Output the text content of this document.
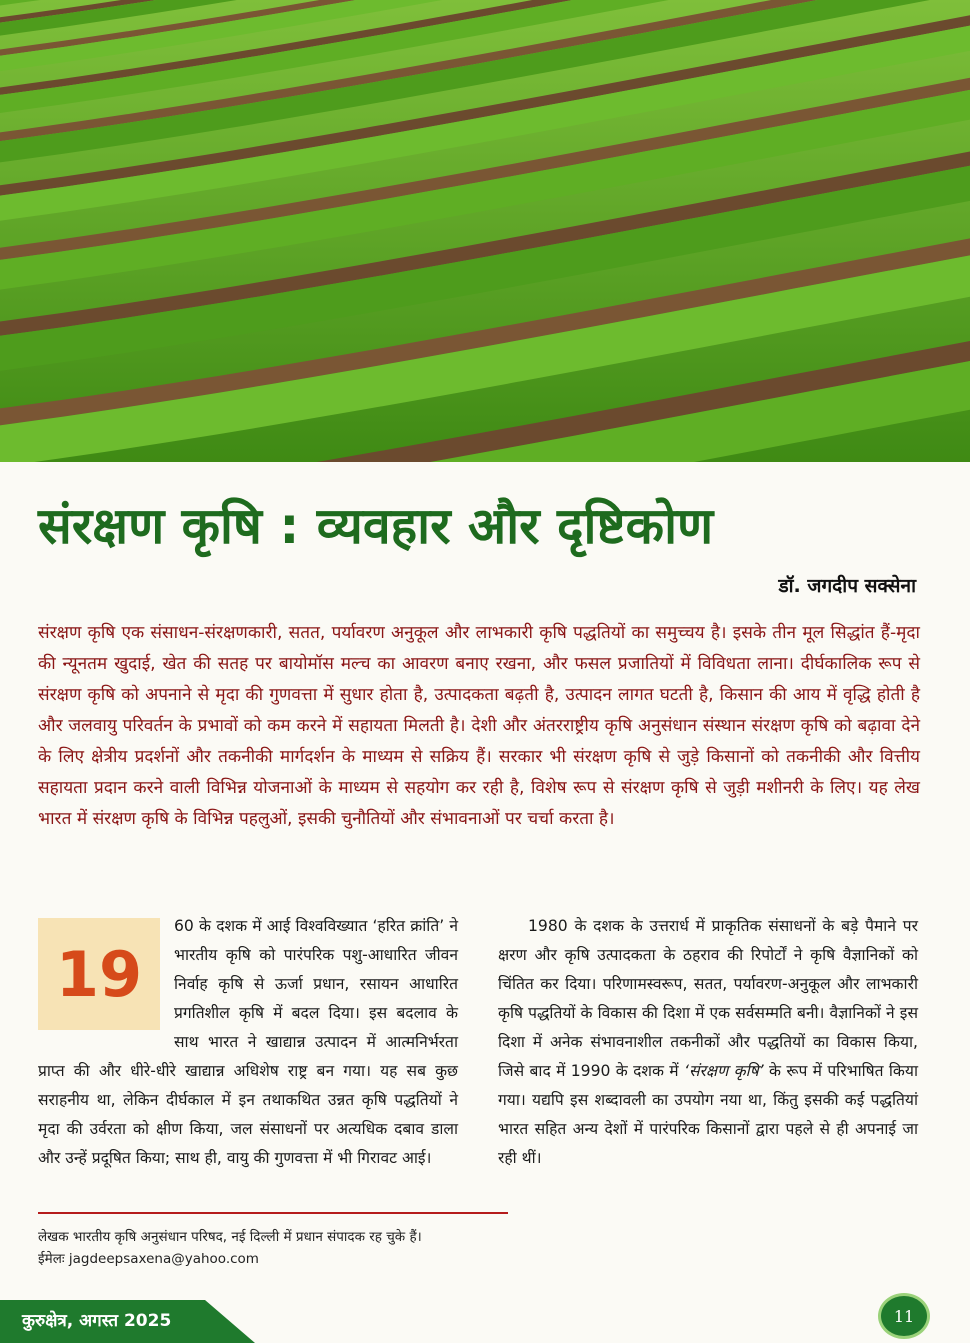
संरक्षण कृषि : व्यवहार और दृष्टिकोण
डॉ. जगदीप सक्सेना
संरक्षण कृषि एक संसाधन-संरक्षणकारी, सतत, पर्यावरण अनुकूल और लाभकारी कृषि पद्धतियों का समुच्चय है। इसके तीन मूल सिद्धांत हैं-मृदा की न्यूनतम खुदाई, खेत की सतह पर बायोमॉस मल्च का आवरण बनाए रखना, और फसल प्रजातियों में विविधता लाना। दीर्घकालिक रूप से संरक्षण कृषि को अपनाने से मृदा की गुणवत्ता में सुधार होता है, उत्पादकता बढ़ती है, उत्पादन लागत घटती है, किसान की आय में वृद्धि होती है और जलवायु परिवर्तन के प्रभावों को कम करने में सहायता मिलती है। देशी और अंतरराष्ट्रीय कृषि अनुसंधान संस्थान संरक्षण कृषि को बढ़ावा देने के लिए क्षेत्रीय प्रदर्शनों और तकनीकी मार्गदर्शन के माध्यम से सक्रिय हैं। सरकार भी संरक्षण कृषि से जुड़े किसानों को तकनीकी और वित्तीय सहायता प्रदान करने वाली विभिन्न योजनाओं के माध्यम से सहयोग कर रही है, विशेष रूप से संरक्षण कृषि से जुड़ी मशीनरी के लिए। यह लेख भारत में संरक्षण कृषि के विभिन्न पहलुओं, इसकी चुनौतियों और संभावनाओं पर चर्चा करता है।
19
60 के दशक में आई विश्वविख्यात ‘हरित क्रांति’ ने भारतीय कृषि को पारंपरिक पशु-आधारित जीवन निर्वाह कृषि से ऊर्जा प्रधान, रसायन आधारित प्रगतिशील कृषि में बदल दिया। इस बदलाव के साथ भारत ने खाद्यान्न उत्पादन में आत्मनिर्भरता प्राप्त की और धीरे-धीरे खाद्यान्न अधिशेष राष्ट्र बन गया। यह सब कुछ सराहनीय था, लेकिन दीर्घकाल में इन तथाकथित उन्नत कृषि पद्धतियों ने मृदा की उर्वरता को क्षीण किया, जल संसाधनों पर अत्यधिक दबाव डाला और उन्हें प्रदूषित किया; साथ ही, वायु की गुणवत्ता में भी गिरावट आई।

1980 के दशक के उत्तरार्ध में प्राकृतिक संसाधनों के बड़े पैमाने पर क्षरण और कृषि उत्पादकता के ठहराव की रिपोर्टों ने कृषि वैज्ञानिकों को चिंतित कर दिया। परिणामस्वरूप, सतत, पर्यावरण-अनुकूल और लाभकारी कृषि पद्धतियों के विकास की दिशा में एक सर्वसम्मति बनी। वैज्ञानिकों ने इस दिशा में अनेक संभावनाशील तकनीकों और पद्धतियों का विकास किया, जिसे बाद में 1990 के दशक में ‘संरक्षण कृषि’ के रूप में परिभाषित किया गया। यद्यपि इस शब्दावली का उपयोग नया था, किंतु इसकी कई पद्धतियां भारत सहित अन्य देशों में पारंपरिक किसानों द्वारा पहले से ही अपनाई जा रही थीं।

लेखक भारतीय कृषि अनुसंधान परिषद, नई दिल्ली में प्रधान संपादक रह चुके हैं।
ईमेलः jagdeepsaxena@yahoo.com
कुरुक्षेत्र, अगस्त 2025	11
